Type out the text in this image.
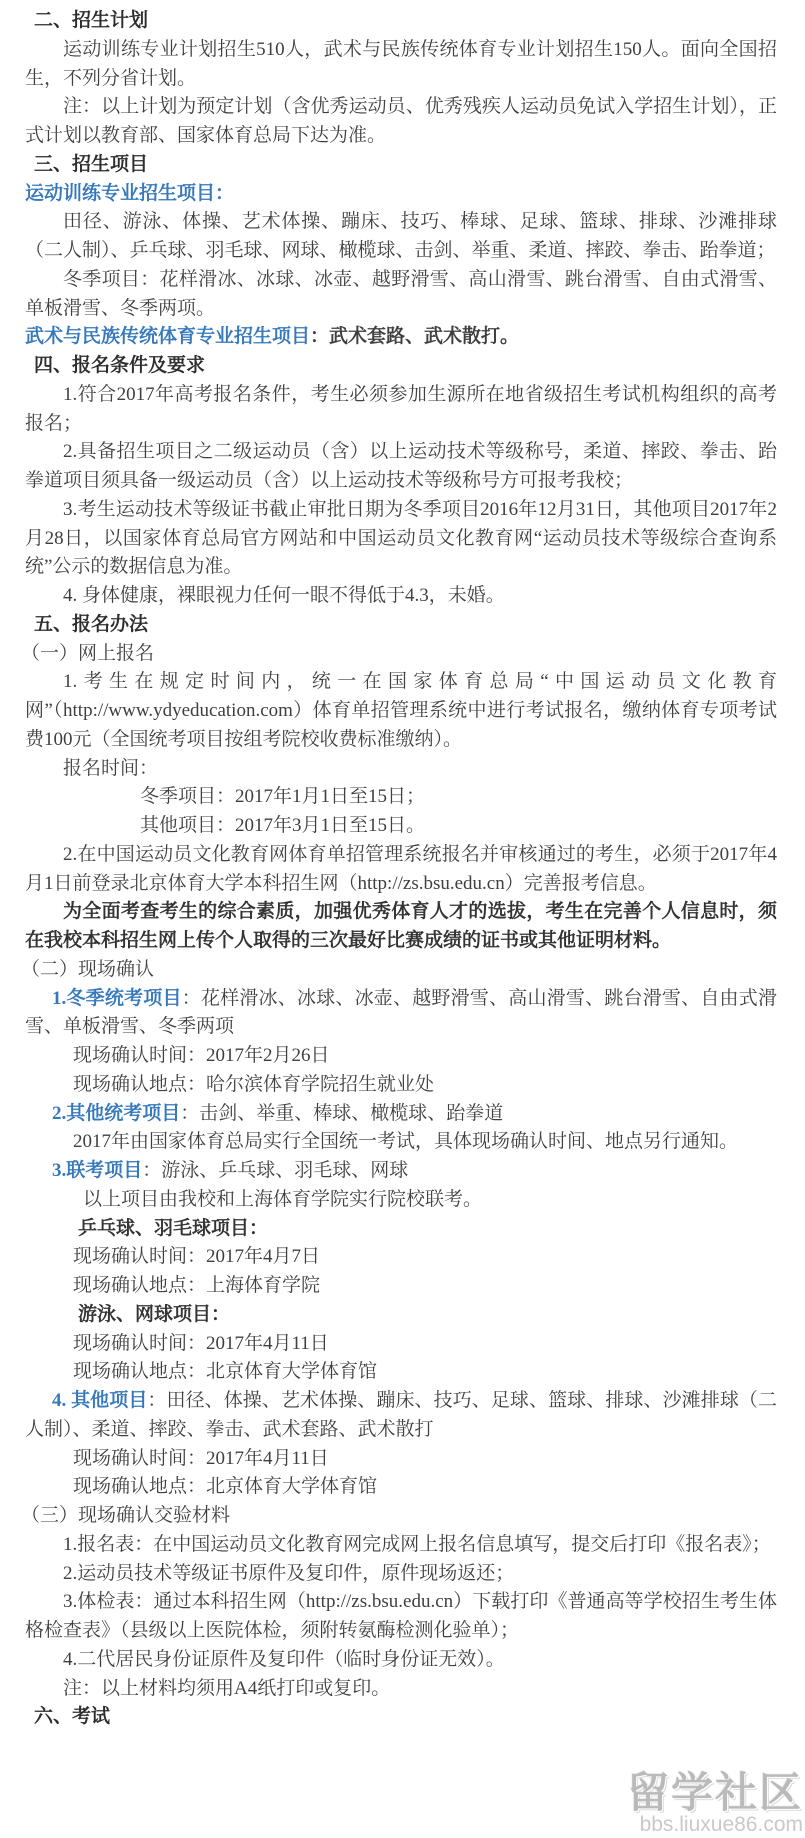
二、招生计划

运动训练专业计划招生510人，武术与民族传统体育专业计划招生150人。面向全国招生，不列分省计划。

注：以上计划为预定计划（含优秀运动员、优秀残疾人运动员免试入学招生计划），正式计划以教育部、国家体育总局下达为准。

三、招生项目

运动训练专业招生项目：

田径、游泳、体操、艺术体操、蹦床、技巧、棒球、足球、篮球、排球、沙滩排球（二人制）、乒乓球、羽毛球、网球、橄榄球、击剑、举重、柔道、摔跤、拳击、跆拳道；

冬季项目：花样滑冰、冰球、冰壶、越野滑雪、高山滑雪、跳台滑雪、自由式滑雪、单板滑雪、冬季两项。

武术与民族传统体育专业招生项目：武术套路、武术散打。

四、报名条件及要求

1.符合2017年高考报名条件，考生必须参加生源所在地省级招生考试机构组织的高考报名；

2.具备招生项目之二级运动员（含）以上运动技术等级称号，柔道、摔跤、拳击、跆拳道项目须具备一级运动员（含）以上运动技术等级称号方可报考我校；

3.考生运动技术等级证书截止审批日期为冬季项目2016年12月31日，其他项目2017年2月28日，以国家体育总局官方网站和中国运动员文化教育网“运动员技术等级综合查询系统”公示的数据信息为准。

4. 身体健康，裸眼视力任何一眼不得低于4.3，未婚。

五、报名办法

（一）网上报名

1.考生在规定时间内，统一在国家体育总局“中国运动员文化教育网”（http://www.ydyeducation.com）体育单招管理系统中进行考试报名，缴纳体育专项考试费100元（全国统考项目按组考院校收费标准缴纳）。

报名时间：

冬季项目：2017年1月1日至15日；

其他项目：2017年3月1日至15日。

2.在中国运动员文化教育网体育单招管理系统报名并审核通过的考生，必须于2017年4月1日前登录北京体育大学本科招生网（http://zs.bsu.edu.cn）完善报考信息。

为全面考查考生的综合素质，加强优秀体育人才的选拔，考生在完善个人信息时，须在我校本科招生网上传个人取得的三次最好比赛成绩的证书或其他证明材料。

（二）现场确认

1.冬季统考项目：花样滑冰、冰球、冰壶、越野滑雪、高山滑雪、跳台滑雪、自由式滑雪、单板滑雪、冬季两项

现场确认时间：2017年2月26日

现场确认地点：哈尔滨体育学院招生就业处

2.其他统考项目：击剑、举重、棒球、橄榄球、跆拳道

2017年由国家体育总局实行全国统一考试，具体现场确认时间、地点另行通知。

3.联考项目：游泳、乒乓球、羽毛球、网球

以上项目由我校和上海体育学院实行院校联考。

乒乓球、羽毛球项目：

现场确认时间：2017年4月7日

现场确认地点：上海体育学院

游泳、网球项目：

现场确认时间：2017年4月11日

现场确认地点：北京体育大学体育馆

4. 其他项目：田径、体操、艺术体操、蹦床、技巧、足球、篮球、排球、沙滩排球（二人制）、柔道、摔跤、拳击、武术套路、武术散打

现场确认时间：2017年4月11日

现场确认地点：北京体育大学体育馆

（三）现场确认交验材料

1.报名表：在中国运动员文化教育网完成网上报名信息填写，提交后打印《报名表》；

2.运动员技术等级证书原件及复印件，原件现场返还；

3.体检表：通过本科招生网（http://zs.bsu.edu.cn）下载打印《普通高等学校招生考生体格检查表》（县级以上医院体检，须附转氨酶检测化验单）；

4.二代居民身份证原件及复印件（临时身份证无效）。

注：以上材料均须用A4纸打印或复印。

六、考试

留学社区
bbs.liuxue86.com
